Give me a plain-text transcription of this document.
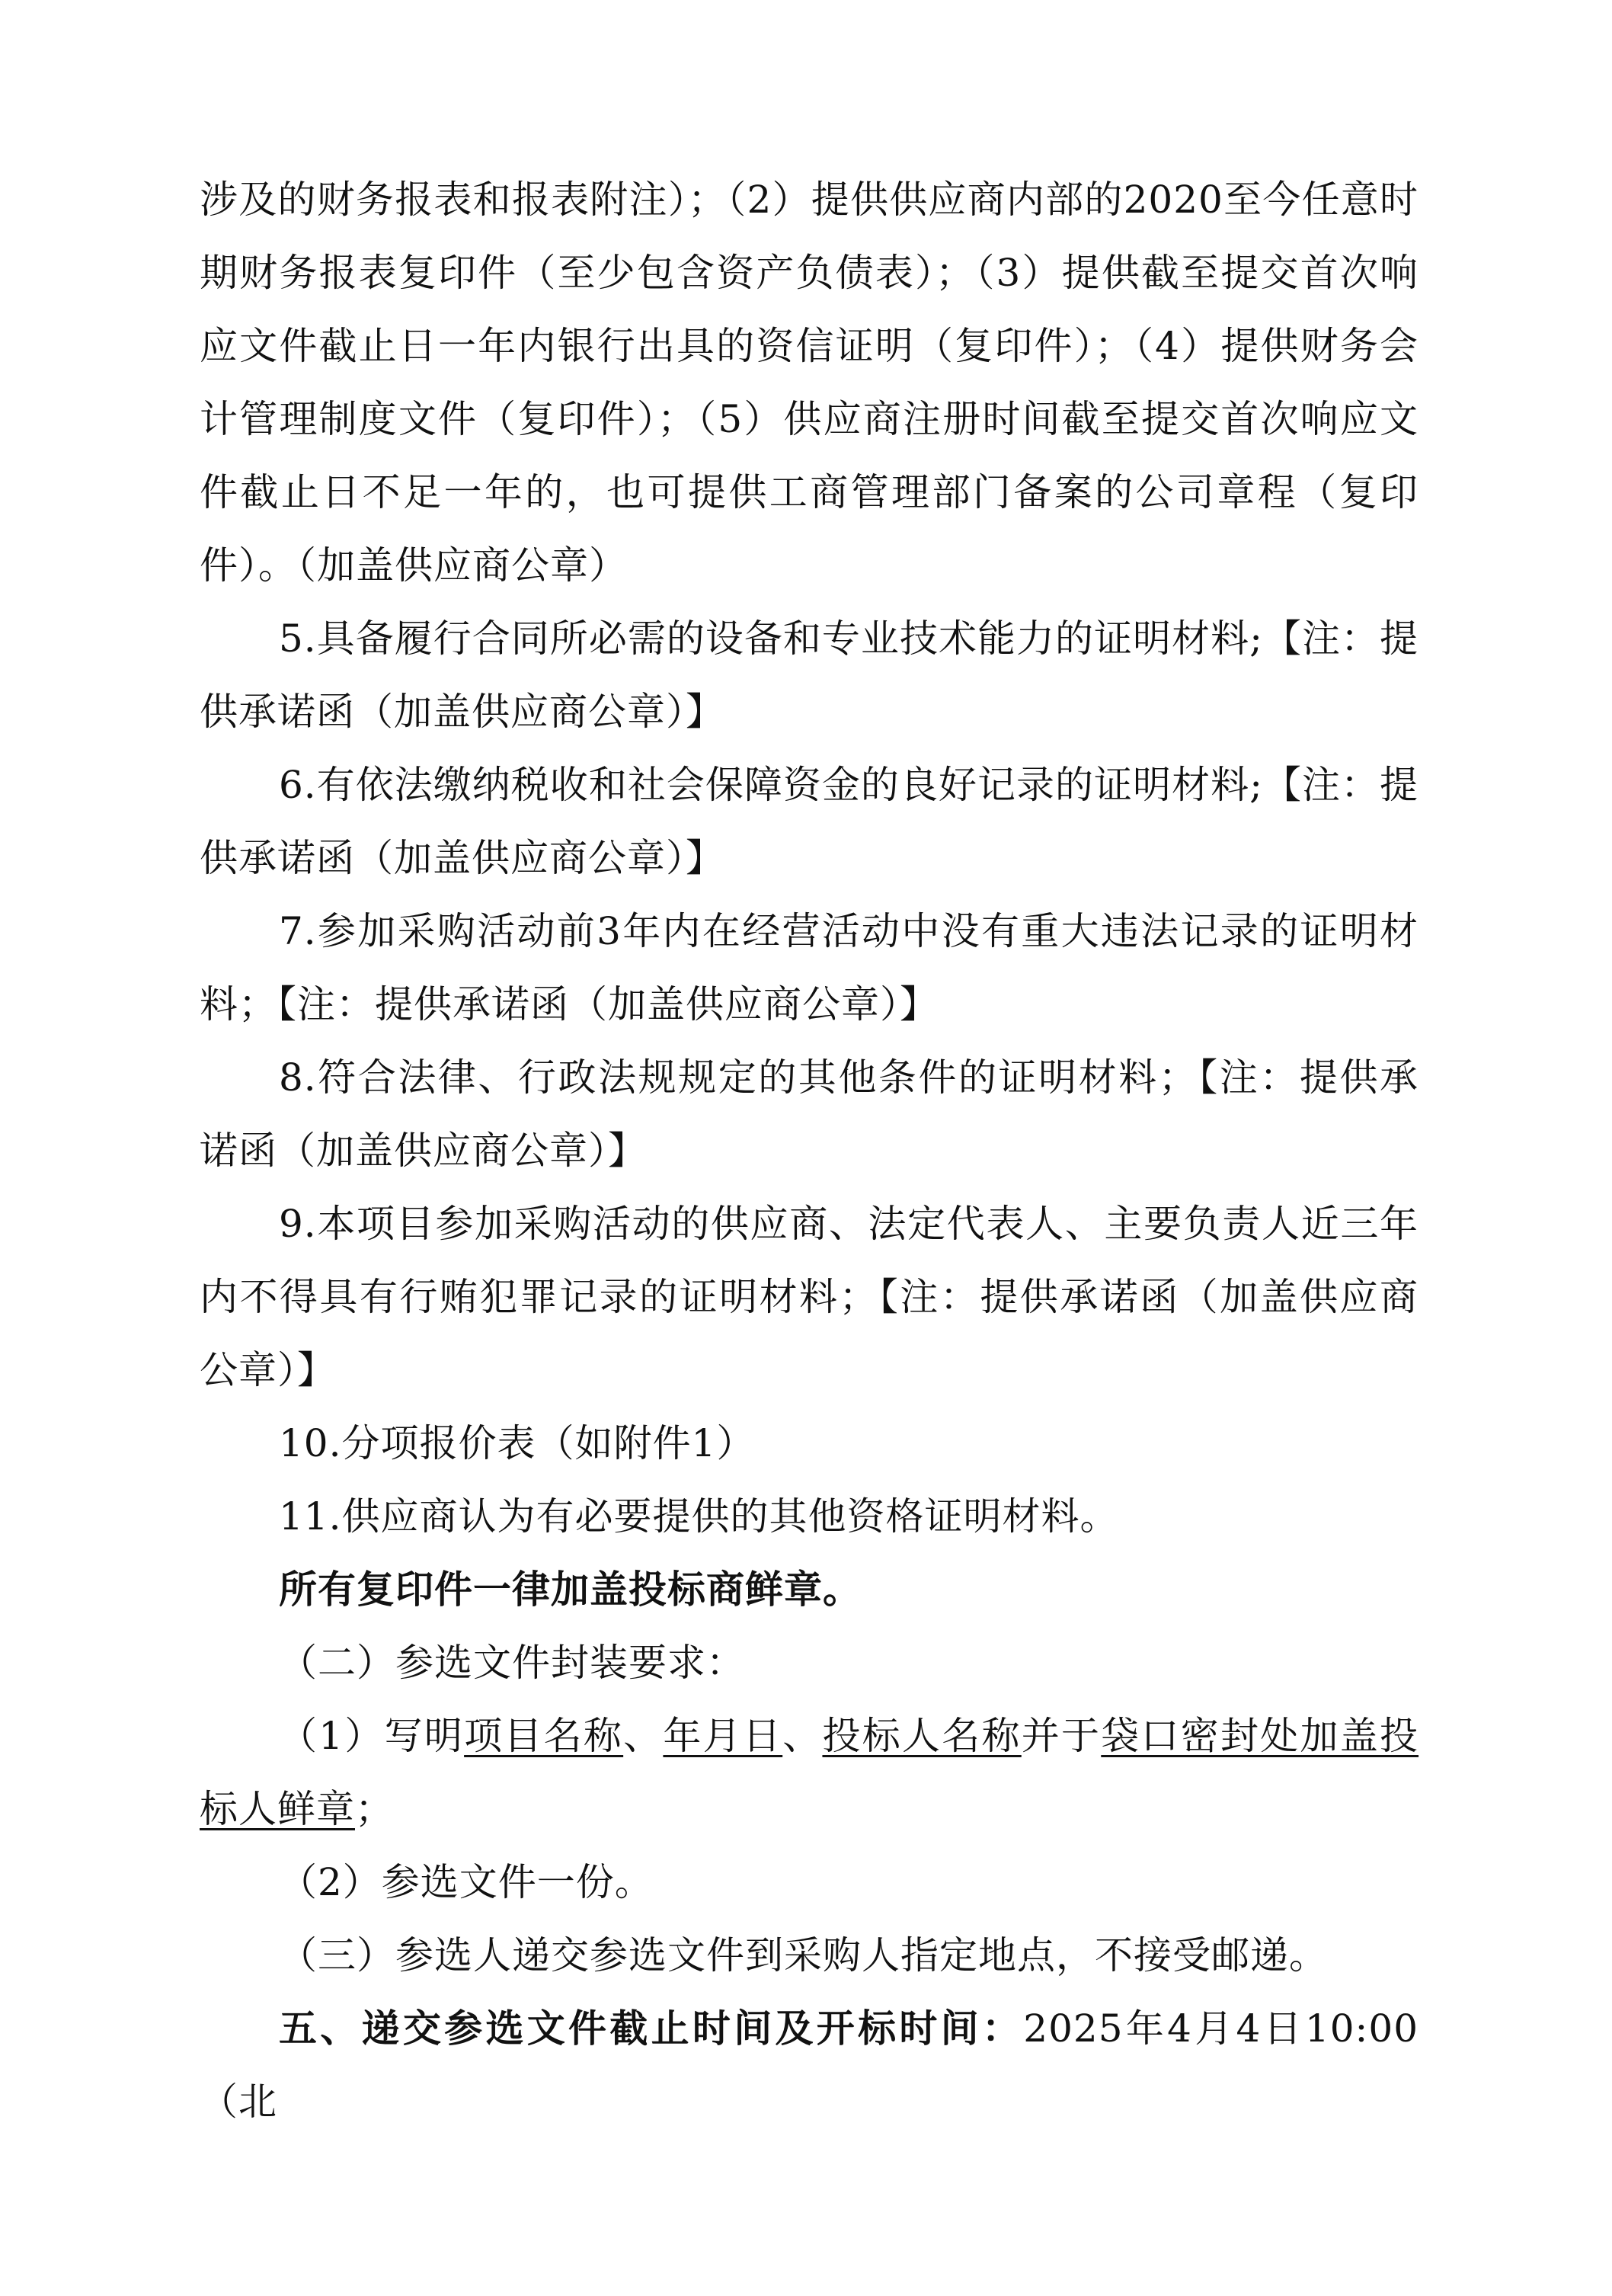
涉及的财务报表和报表附注）；（2）提供供应商内部的2020至今任意时期财务报表复印件（至少包含资产负债表）；（3）提供截至提交首次响应文件截止日一年内银行出具的资信证明（复印件）；（4）提供财务会计管理制度文件（复印件）；（5）供应商注册时间截至提交首次响应文件截止日不足一年的，也可提供工商管理部门备案的公司章程（复印件）。（加盖供应商公章）

5.具备履行合同所必需的设备和专业技术能力的证明材料;【注：提供承诺函（加盖供应商公章）】

6.有依法缴纳税收和社会保障资金的良好记录的证明材料;【注：提供承诺函（加盖供应商公章）】

7.参加采购活动前3年内在经营活动中没有重大违法记录的证明材料；【注：提供承诺函（加盖供应商公章）】

8.符合法律、行政法规规定的其他条件的证明材料；【注：提供承诺函（加盖供应商公章）】

9.本项目参加采购活动的供应商、法定代表人、主要负责人近三年内不得具有行贿犯罪记录的证明材料；【注：提供承诺函（加盖供应商公章）】

10.分项报价表（如附件1）

11.供应商认为有必要提供的其他资格证明材料。

所有复印件一律加盖投标商鲜章。

（二）参选文件封装要求：

（1）写明项目名称、年月日、投标人名称并于袋口密封处加盖投标人鲜章；

（2）参选文件一份。

（三）参选人递交参选文件到采购人指定地点，不接受邮递。

五、递交参选文件截止时间及开标时间：2025年4月4日10:00（北
